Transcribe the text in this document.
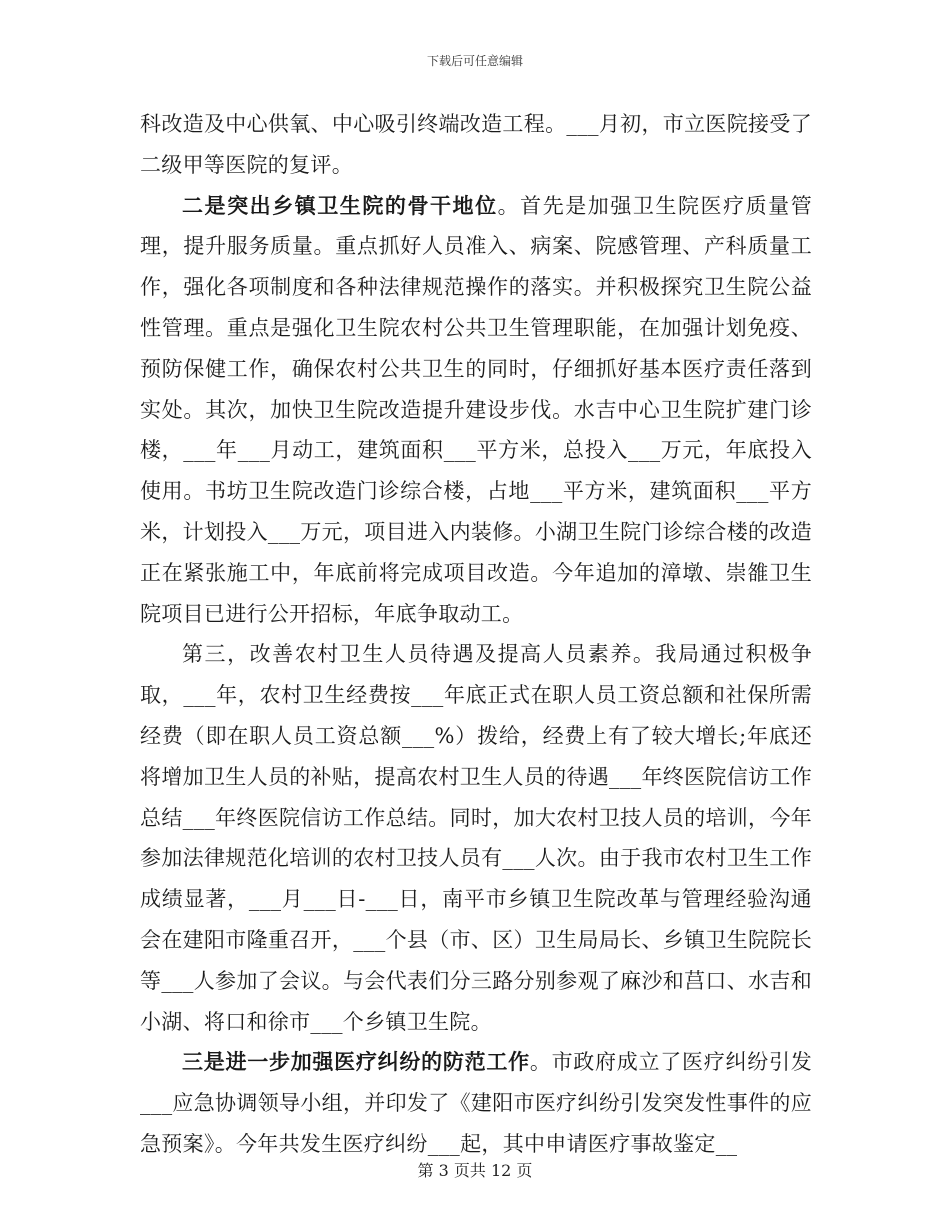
下载后可任意编辑

科改造及中心供氧、中心吸引终端改造工程。___月初，市立医院接受了二级甲等医院的复评。

二是突出乡镇卫生院的骨干地位。首先是加强卫生院医疗质量管理，提升服务质量。重点抓好人员准入、病案、院感管理、产科质量工作，强化各项制度和各种法律规范操作的落实。并积极探究卫生院公益性管理。重点是强化卫生院农村公共卫生管理职能，在加强计划免疫、预防保健工作，确保农村公共卫生的同时，仔细抓好基本医疗责任落到实处。其次，加快卫生院改造提升建设步伐。水吉中心卫生院扩建门诊楼，___年___月动工，建筑面积___平方米，总投入___万元，年底投入使用。书坊卫生院改造门诊综合楼，占地___平方米，建筑面积___平方米，计划投入___万元，项目进入内装修。小湖卫生院门诊综合楼的改造正在紧张施工中，年底前将完成项目改造。今年追加的漳墩、崇雒卫生院项目已进行公开招标，年底争取动工。

第三，改善农村卫生人员待遇及提高人员素养。我局通过积极争取，___年，农村卫生经费按___年底正式在职人员工资总额和社保所需经费（即在职人员工资总额___%）拨给，经费上有了较大增长;年底还将增加卫生人员的补贴，提高农村卫生人员的待遇___年终医院信访工作总结___年终医院信访工作总结。同时，加大农村卫技人员的培训，今年参加法律规范化培训的农村卫技人员有___人次。由于我市农村卫生工作成绩显著，___月___日-___日，南平市乡镇卫生院改革与管理经验沟通会在建阳市隆重召开，___个县（市、区）卫生局局长、乡镇卫生院院长等___人参加了会议。与会代表们分三路分别参观了麻沙和莒口、水吉和小湖、将口和徐市___个乡镇卫生院。

三是进一步加强医疗纠纷的防范工作。市政府成立了医疗纠纷引发___应急协调领导小组，并印发了《建阳市医疗纠纷引发突发性事件的应急预案》。今年共发生医疗纠纷___起，其中申请医疗事故鉴定__

第 3 页共 12 页
